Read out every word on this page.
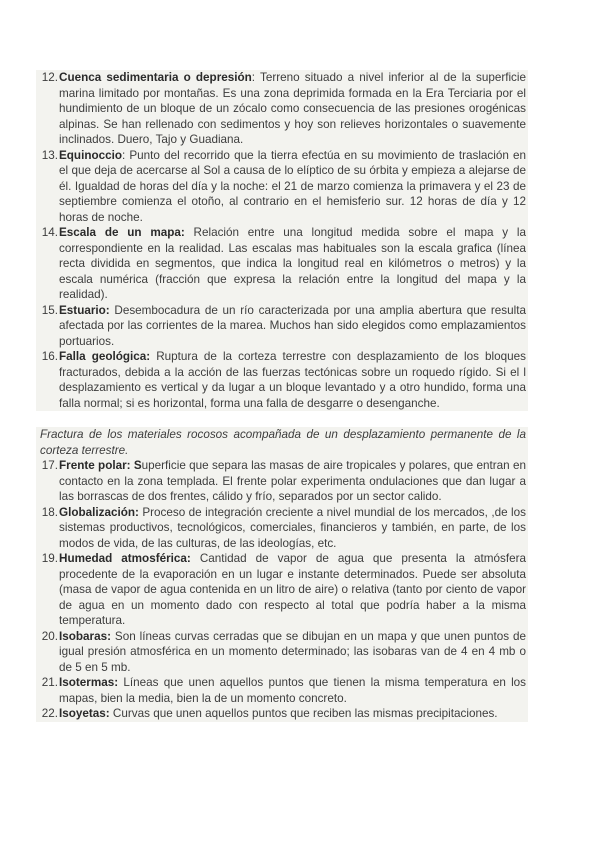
12. Cuenca sedimentaria o depresión: Terreno situado a nivel inferior al de la superficie marina limitado por montañas. Es una zona deprimida formada en la Era Terciaria por el hundimiento de un bloque de un zócalo como consecuencia de las presiones orogénicas alpinas. Se han rellenado con sedimentos y hoy son relieves horizontales o suavemente inclinados. Duero, Tajo y Guadiana.
13. Equinoccio: Punto del recorrido que la tierra efectúa en su movimiento de traslación en el que deja de acercarse al Sol a causa de lo elíptico de su órbita y empieza a alejarse de él. Igualdad de horas del día y la noche: el 21 de marzo comienza la primavera y el 23 de septiembre comienza el otoño, al contrario en el hemisferio sur. 12 horas de día y 12 horas de noche.
14. Escala de un mapa: Relación entre una longitud medida sobre el mapa y la correspondiente en la realidad. Las escalas mas habituales son la escala grafica (línea recta dividida en segmentos, que indica la longitud real en kilómetros o metros) y la escala numérica (fracción que expresa la relación entre la longitud del mapa y la realidad).
15. Estuario: Desembocadura de un río caracterizada por una amplia abertura que resulta afectada por las corrientes de la marea. Muchos han sido elegidos como emplazamientos portuarios.
16. Falla geológica: Ruptura de la corteza terrestre con desplazamiento de los bloques fracturados, debida a la acción de las fuerzas tectónicas sobre un roquedo rígido. Si el l desplazamiento es vertical y da lugar a un bloque levantado y a otro hundido, forma una falla normal; si es horizontal, forma una falla de desgarre o desenganche.

Fractura de los materiales rocosos acompañada de un desplazamiento permanente de la corteza terrestre.

17. Frente polar: Superficie que separa las masas de aire tropicales y polares, que entran en contacto en la zona templada. El frente polar experimenta ondulaciones que dan lugar a las borrascas de dos frentes, cálido y frío, separados por un sector calido.
18. Globalización: Proceso de integración creciente a nivel mundial de los mercados, ,de los sistemas productivos, tecnológicos, comerciales, financieros y también, en parte, de los modos de vida, de las culturas, de las ideologías, etc.
19. Humedad atmosférica: Cantidad de vapor de agua que presenta la atmósfera procedente de la evaporación en un lugar e instante determinados. Puede ser absoluta (masa de vapor de agua contenida en un litro de aire) o relativa (tanto por ciento de vapor de agua en un momento dado con respecto al total que podría haber a la misma temperatura.
20. Isobaras: Son líneas curvas cerradas que se dibujan en un mapa y que unen puntos de igual presión atmosférica en un momento determinado; las isobaras van de 4 en 4 mb o de 5 en 5 mb.
21. Isotermas: Líneas que unen aquellos puntos que tienen la misma temperatura en los mapas, bien la media, bien la de un momento concreto.
22. Isoyetas: Curvas que unen aquellos puntos que reciben las mismas precipitaciones.
